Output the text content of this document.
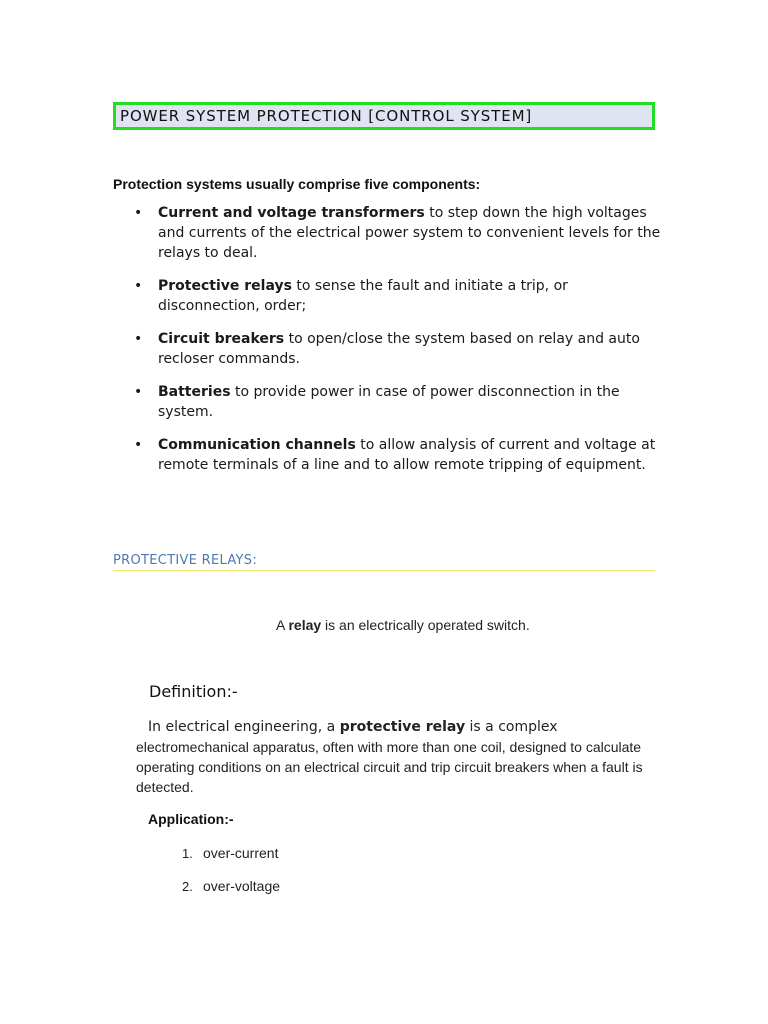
POWER SYSTEM PROTECTION [CONTROL SYSTEM]
Protection systems usually comprise five components:
• Current and voltage transformers to step down the high voltages and currents of the electrical power system to convenient levels for the relays to deal.
• Protective relays to sense the fault and initiate a trip, or disconnection, order;
• Circuit breakers to open/close the system based on relay and auto recloser commands.
• Batteries to provide power in case of power disconnection in the system.
• Communication channels to allow analysis of current and voltage at remote terminals of a line and to allow remote tripping of equipment.
PROTECTIVE RELAYS:
A relay is an electrically operated switch.
Definition:-
In electrical engineering, a protective relay is a complex
electromechanical apparatus, often with more than one coil, designed to calculate operating conditions on an electrical circuit and trip circuit breakers when a fault is detected.
Application:-
1. over-current
2. over-voltage
